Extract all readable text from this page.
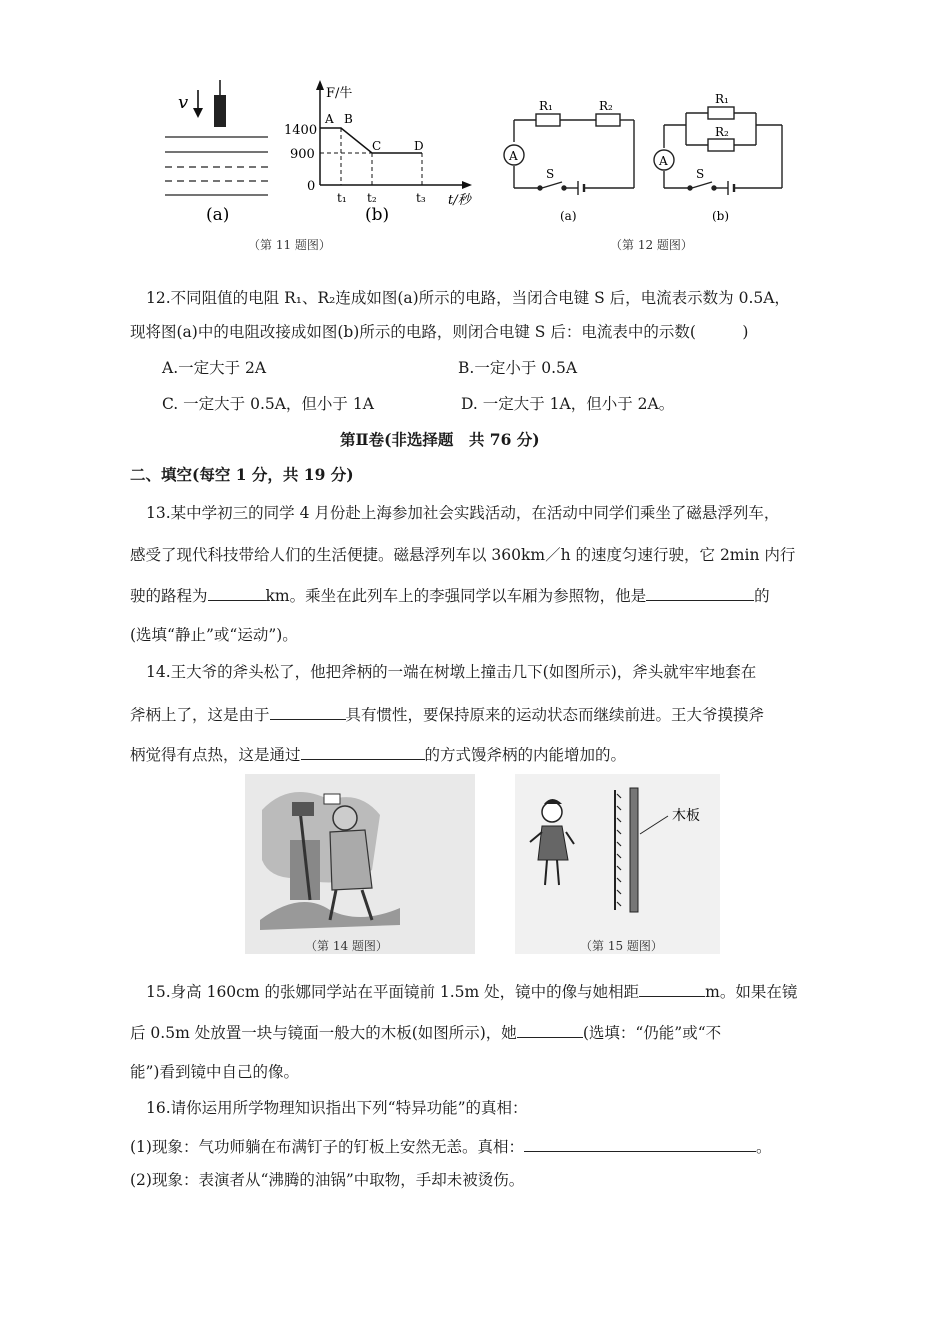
v
(a)
F/牛
t/秒
1400
900
0
A B
C	D
t₁ t₂	t₃
(b)
R₁	R₂
A
S
(a)
R₁
R₂
A
S
(b)
（第 11 题图）	（第 12 题图）
12.不同阻值的电阻 R₁、R₂连成如图(a)所示的电路，当闭合电键 S 后，电流表示数为 0.5A，
现将图(a)中的电阻改接成如图(b)所示的电路，则闭合电键 S 后：电流表中的示数(　　　)
A.一定大于 2A	B.一定小于 0.5A
C. 一定大于 0.5A，但小于 1A	D. 一定大于 1A，但小于 2A。
第Ⅱ卷(非选择题　共 76 分)
二、填空(每空 1 分，共 19 分)
13.某中学初三的同学 4 月份赴上海参加社会实践活动，在活动中同学们乘坐了磁悬浮列车，
感受了现代科技带给人们的生活便捷。磁悬浮列车以 360km／h 的速度匀速行驶，它 2min 内行
驶的路程为	km。乘坐在此列车上的李强同学以车厢为参照物，他是	的
(选填“静止”或“运动”)。
14.王大爷的斧头松了，他把斧柄的一端在树墩上撞击几下(如图所示)，斧头就牢牢地套在
斧柄上了，这是由于	具有惯性，要保持原来的运动状态而继续前进。王大爷摸摸斧
柄觉得有点热，这是通过	的方式馒斧柄的内能增加的。
木板
（第 14 题图）	（第 15 题图）
15.身高 160cm 的张娜同学站在平面镜前 1.5m 处，镜中的像与她相距	m。如果在镜
后 0.5m 处放置一块与镜面一般大的木板(如图所示)，她	(选填：“仍能”或“不
能”)看到镜中自己的像。
16.请你运用所学物理知识指出下列“特异功能”的真相：
(1)现象：气功师躺在布满钉子的钉板上安然无恙。真相：	。
(2)现象：表演者从“沸腾的油锅”中取物，手却未被烫伤。
